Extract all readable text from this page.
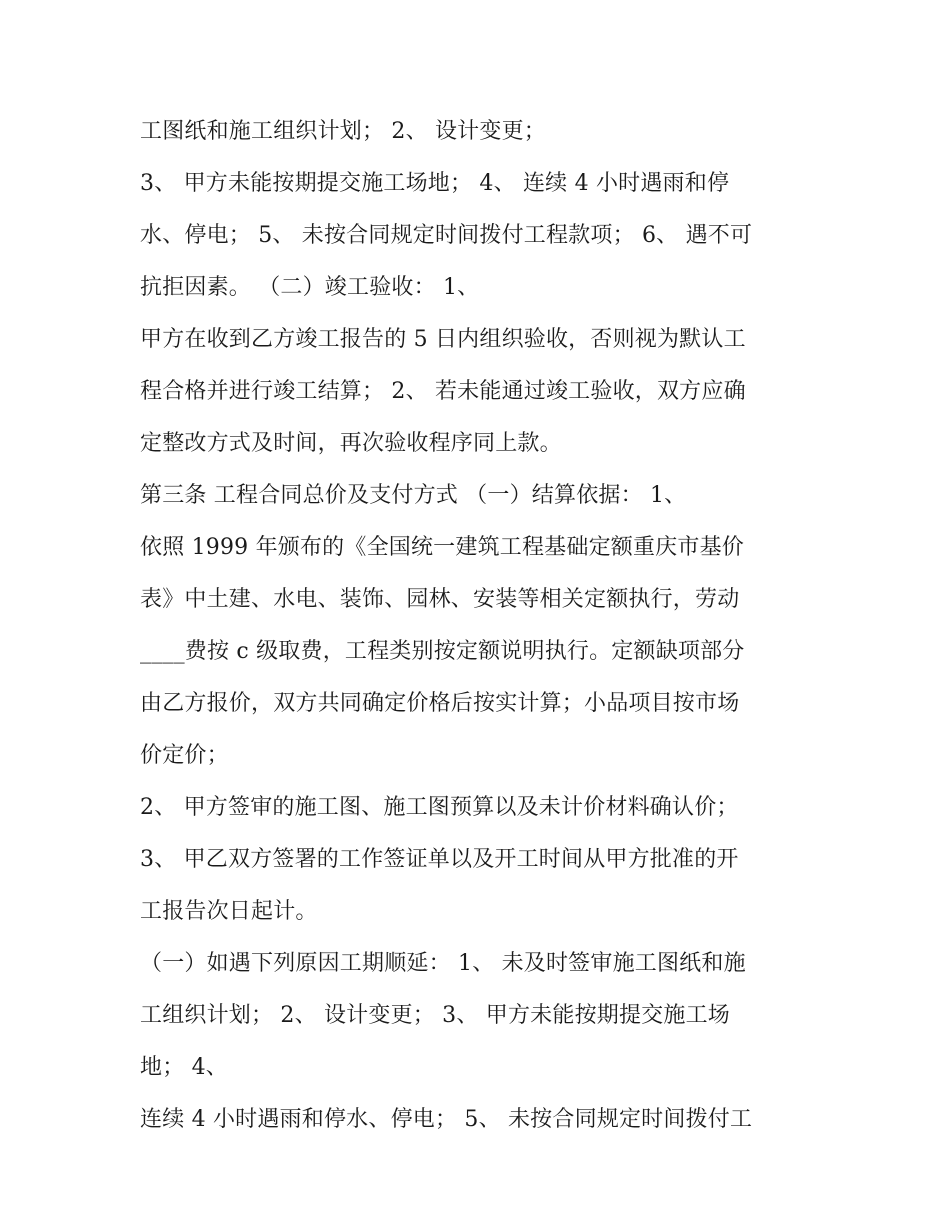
工图纸和施工组织计划； 2、 设计变更；
3、 甲方未能按期提交施工场地； 4、 连续 4 小时遇雨和停
水、停电； 5、 未按合同规定时间拨付工程款项； 6、 遇不可
抗拒因素。 （二）竣工验收： 1、
甲方在收到乙方竣工报告的 5 日内组织验收，否则视为默认工
程合格并进行竣工结算； 2、 若未能通过竣工验收，双方应确
定整改方式及时间，再次验收程序同上款。
第三条 工程合同总价及支付方式 （一）结算依据： 1、
依照 1999 年颁布的《全国统一建筑工程基础定额重庆市基价
表》中土建、水电、装饰、园林、安装等相关定额执行，劳动
____费按 c 级取费，工程类别按定额说明执行。定额缺项部分
由乙方报价，双方共同确定价格后按实计算；小品项目按市场
价定价；
2、 甲方签审的施工图、施工图预算以及未计价材料确认价；
3、 甲乙双方签署的工作签证单以及开工时间从甲方批准的开
工报告次日起计。
（一）如遇下列原因工期顺延： 1、 未及时签审施工图纸和施
工组织计划； 2、 设计变更； 3、 甲方未能按期提交施工场
地； 4、
连续 4 小时遇雨和停水、停电； 5、 未按合同规定时间拨付工
